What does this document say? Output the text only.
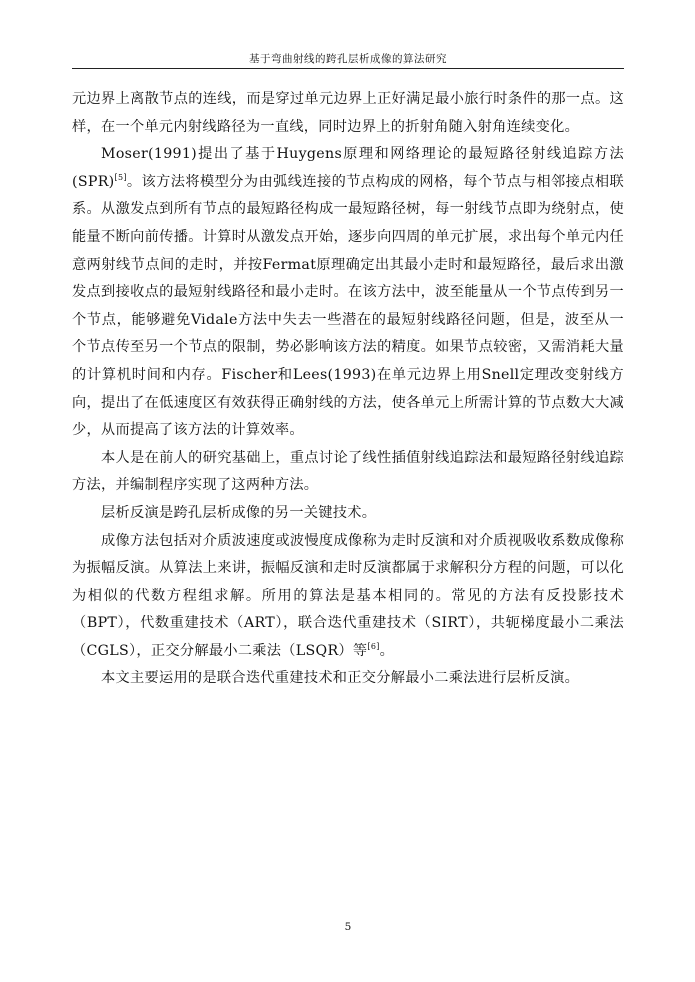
基于弯曲射线的跨孔层析成像的算法研究

元边界上离散节点的连线，而是穿过单元边界上正好满足最小旅行时条件的那一点。这样，在一个单元内射线路径为一直线，同时边界上的折射角随入射角连续变化。

Moser(1991)提出了基于Huygens原理和网络理论的最短路径射线追踪方法(SPR)[5]。该方法将模型分为由弧线连接的节点构成的网格，每个节点与相邻接点相联系。从激发点到所有节点的最短路径构成一最短路径树，每一射线节点即为绕射点，使能量不断向前传播。计算时从激发点开始，逐步向四周的单元扩展，求出每个单元内任意两射线节点间的走时，并按Fermat原理确定出其最小走时和最短路径，最后求出激发点到接收点的最短射线路径和最小走时。在该方法中，波至能量从一个节点传到另一个节点，能够避免Vidale方法中失去一些潜在的最短射线路径问题，但是，波至从一个节点传至另一个节点的限制，势必影响该方法的精度。如果节点较密，又需消耗大量的计算机时间和内存。Fischer和Lees(1993)在单元边界上用Snell定理改变射线方向，提出了在低速度区有效获得正确射线的方法，使各单元上所需计算的节点数大大减少，从而提高了该方法的计算效率。

本人是在前人的研究基础上，重点讨论了线性插值射线追踪法和最短路径射线追踪方法，并编制程序实现了这两种方法。

层析反演是跨孔层析成像的另一关键技术。

成像方法包括对介质波速度或波慢度成像称为走时反演和对介质视吸收系数成像称为振幅反演。从算法上来讲，振幅反演和走时反演都属于求解积分方程的问题，可以化为相似的代数方程组求解。所用的算法是基本相同的。常见的方法有反投影技术（BPT），代数重建技术（ART），联合迭代重建技术（SIRT），共轭梯度最小二乘法（CGLS），正交分解最小二乘法（LSQR）等[6]。

本文主要运用的是联合迭代重建技术和正交分解最小二乘法进行层析反演。

5
